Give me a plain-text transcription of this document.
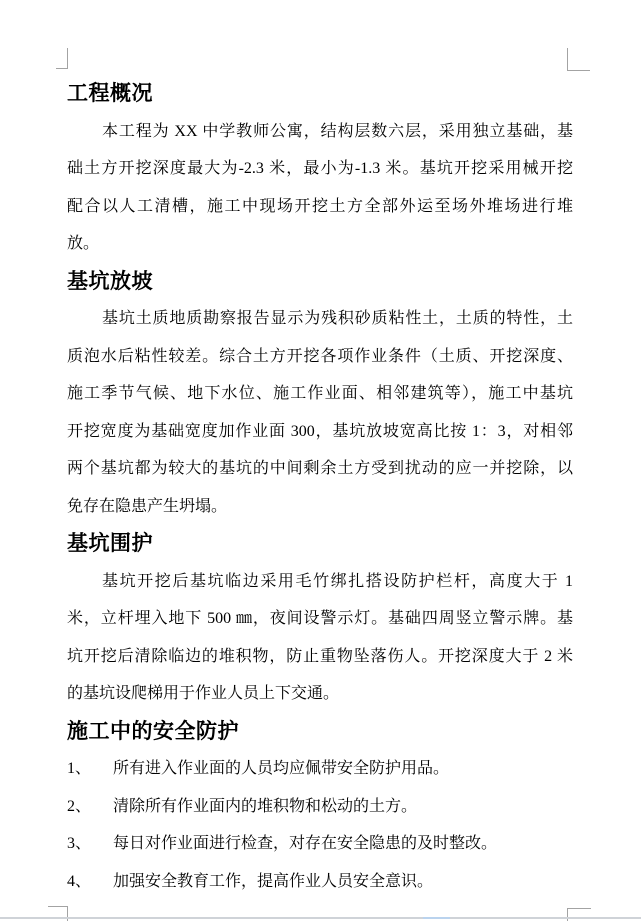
工程概况
本工程为 XX 中学教师公寓，结构层数六层，采用独立基础，基
础土方开挖深度最大为-2.3 米，最小为-1.3 米。基坑开挖采用械开挖
配合以人工清槽，施工中现场开挖土方全部外运至场外堆场进行堆
放。
基坑放坡
基坑土质地质勘察报告显示为残积砂质粘性土，土质的特性，土
质泡水后粘性较差。综合土方开挖各项作业条件（土质、开挖深度、
施工季节气候、地下水位、施工作业面、相邻建筑等），施工中基坑
开挖宽度为基础宽度加作业面 300，基坑放坡宽高比按 1：3，对相邻
两个基坑都为较大的基坑的中间剩余土方受到扰动的应一并挖除，以
免存在隐患产生坍塌。
基坑围护
基坑开挖后基坑临边采用毛竹绑扎搭设防护栏杆，高度大于 1
米，立杆埋入地下 500 ㎜，夜间设警示灯。基础四周竖立警示牌。基
坑开挖后清除临边的堆积物，防止重物坠落伤人。开挖深度大于 2 米
的基坑设爬梯用于作业人员上下交通。
施工中的安全防护
1、	所有进入作业面的人员均应佩带安全防护用品。
2、	清除所有作业面内的堆积物和松动的土方。
3、	每日对作业面进行检查，对存在安全隐患的及时整改。
4、	加强安全教育工作，提高作业人员安全意识。
